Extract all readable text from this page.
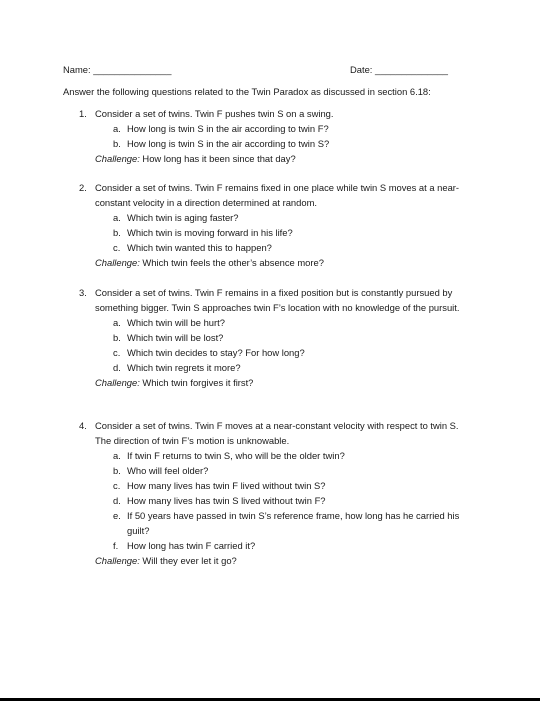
Name: _______________	Date: ______________
Answer the following questions related to the Twin Paradox as discussed in section 6.18:
1. Consider a set of twins. Twin F pushes twin S on a swing.
a. How long is twin S in the air according to twin F?
b. How long is twin S in the air according to twin S?
Challenge: How long has it been since that day?
2. Consider a set of twins. Twin F remains fixed in one place while twin S moves at a near-constant velocity in a direction determined at random.
a. Which twin is aging faster?
b. Which twin is moving forward in his life?
c. Which twin wanted this to happen?
Challenge: Which twin feels the other’s absence more?
3. Consider a set of twins. Twin F remains in a fixed position but is constantly pursued by something bigger. Twin S approaches twin F’s location with no knowledge of the pursuit.
a. Which twin will be hurt?
b. Which twin will be lost?
c. Which twin decides to stay? For how long?
d. Which twin regrets it more?
Challenge: Which twin forgives it first?
4. Consider a set of twins. Twin F moves at a near-constant velocity with respect to twin S. The direction of twin F’s motion is unknowable.
a. If twin F returns to twin S, who will be the older twin?
b. Who will feel older?
c. How many lives has twin F lived without twin S?
d. How many lives has twin S lived without twin F?
e. If 50 years have passed in twin S’s reference frame, how long has he carried his guilt?
f. How long has twin F carried it?
Challenge: Will they ever let it go?
